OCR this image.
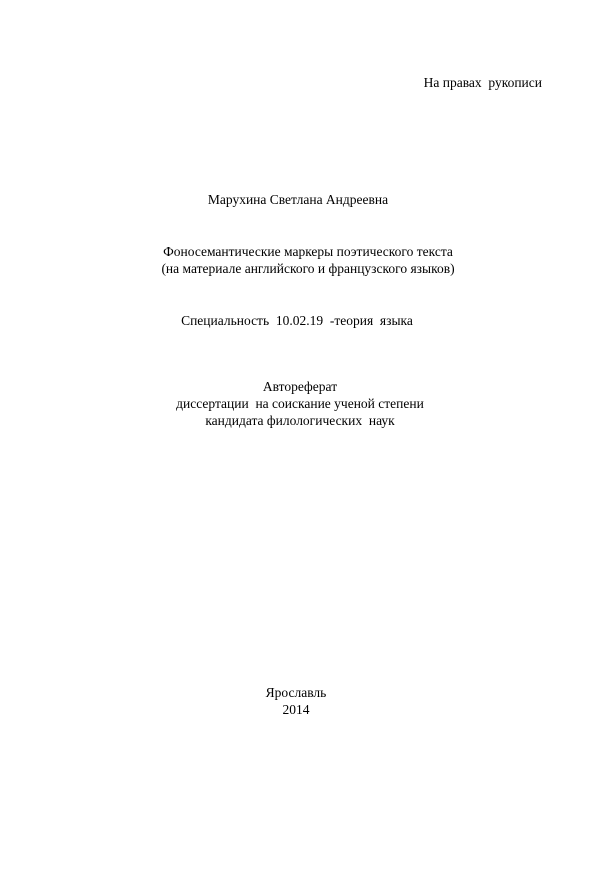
На правах  рукописи
Марухина Светлана Андреевна
Фоносемантические маркеры поэтического текста
(на материале английского и французского языков)
Специальность  10.02.19  -теория  языка
Автореферат
диссертации  на соискание ученой степени
кандидата филологических  наук
Ярославль
2014
